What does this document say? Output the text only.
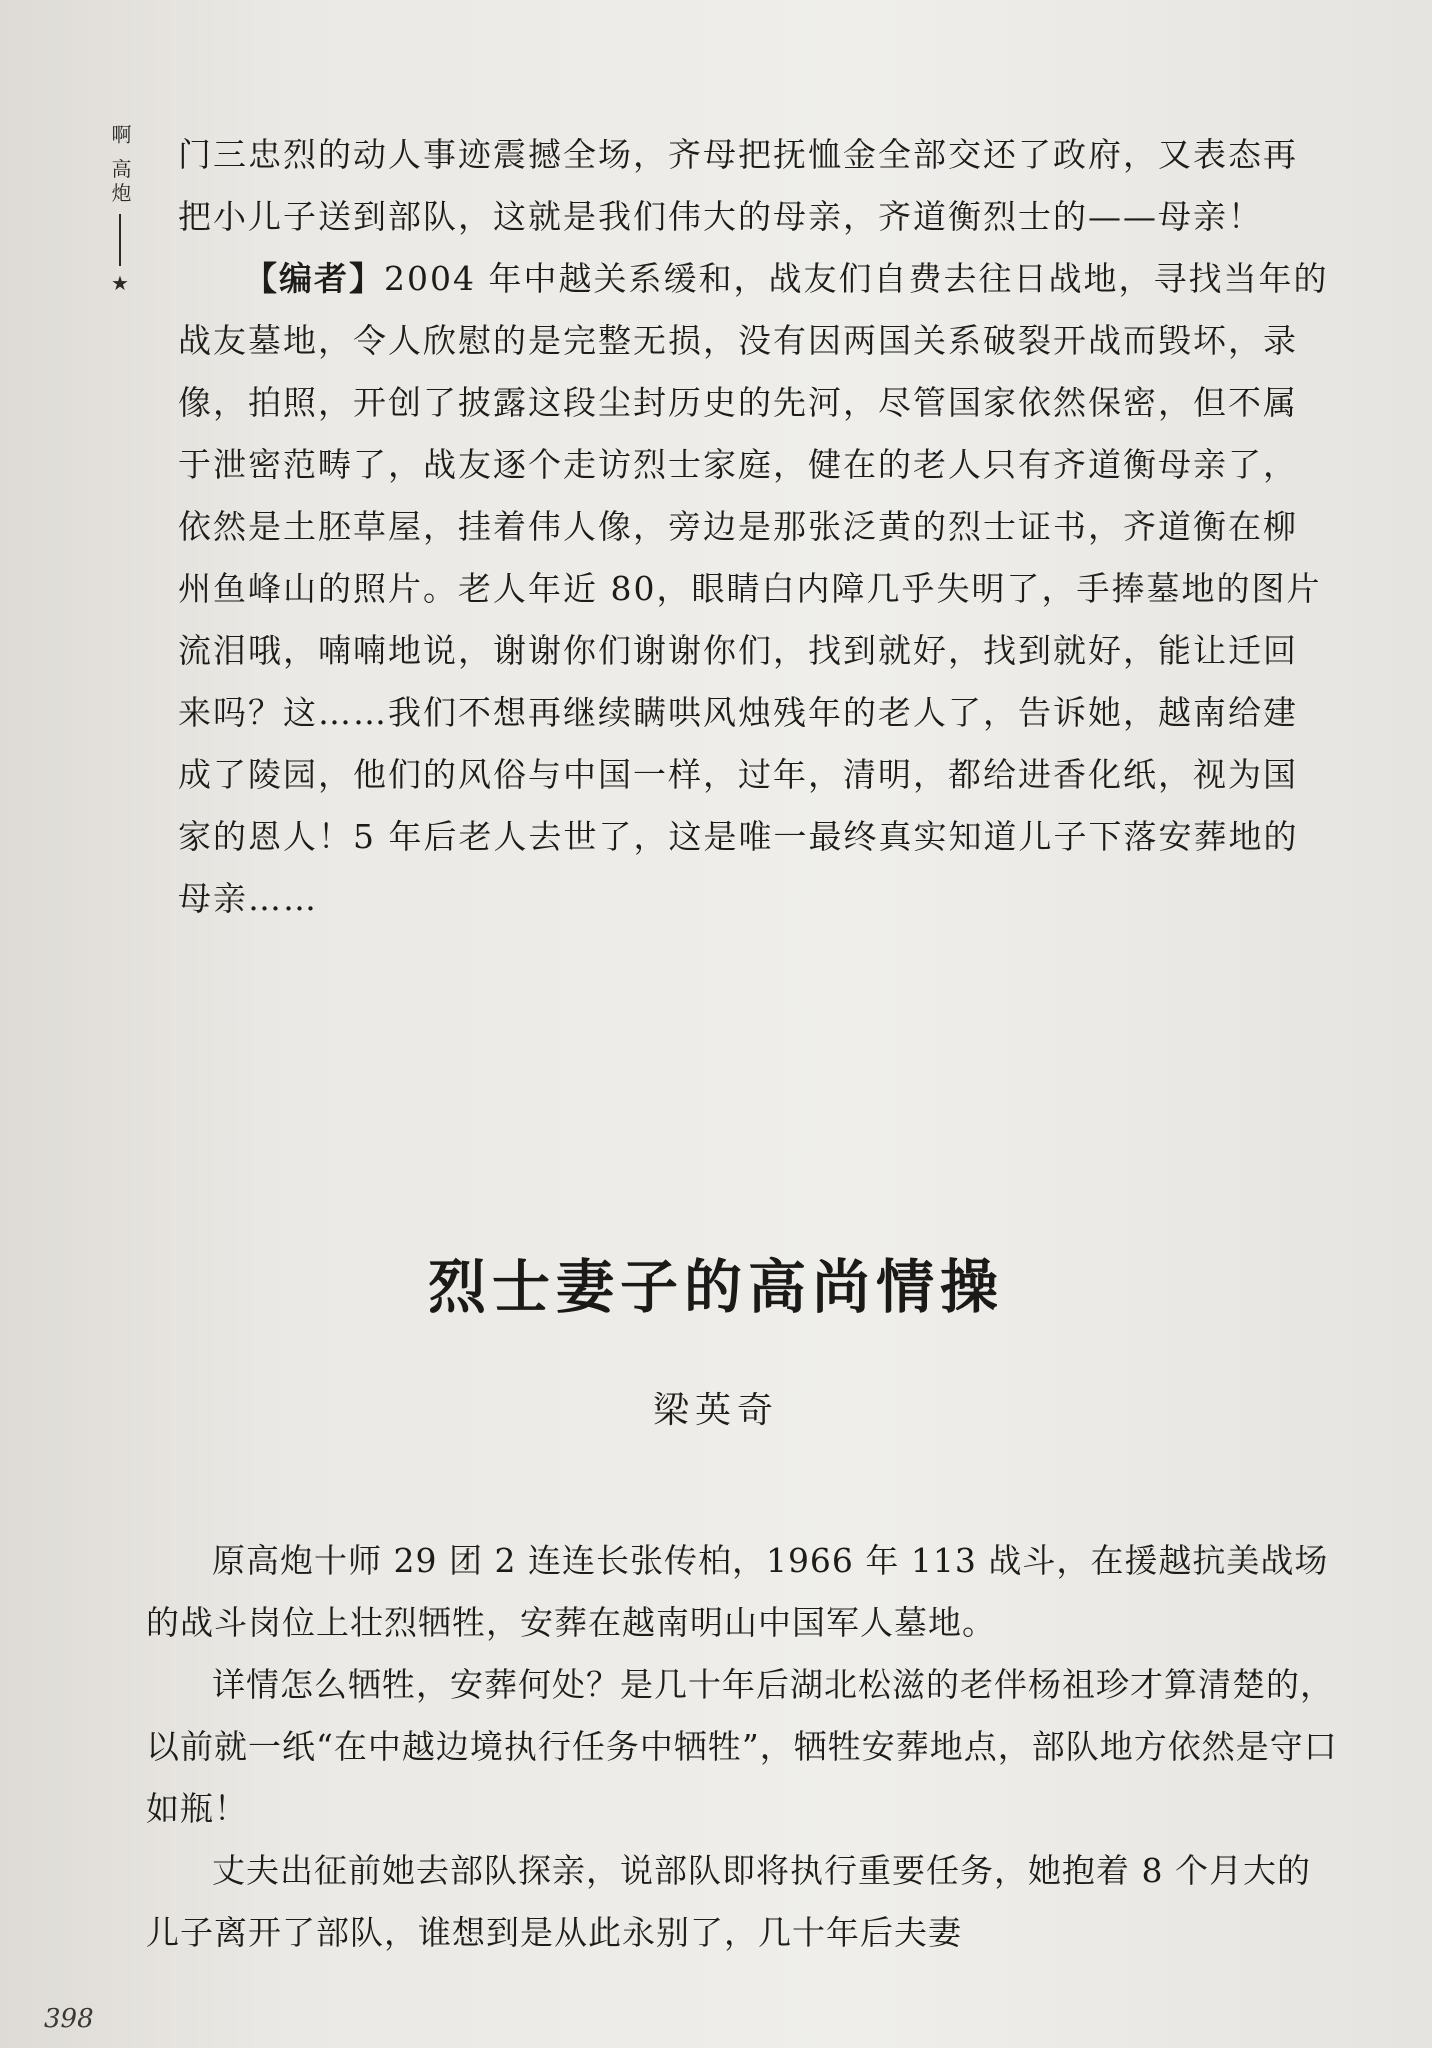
啊 高炮
★

门三忠烈的动人事迹震撼全场，齐母把抚恤金全部交还了政府，又表态再把小儿子送到部队，这就是我们伟大的母亲，齐道衡烈士的——母亲！

【编者】2004 年中越关系缓和，战友们自费去往日战地，寻找当年的战友墓地，令人欣慰的是完整无损，没有因两国关系破裂开战而毁坏，录像，拍照，开创了披露这段尘封历史的先河，尽管国家依然保密，但不属于泄密范畴了，战友逐个走访烈士家庭，健在的老人只有齐道衡母亲了，依然是土胚草屋，挂着伟人像，旁边是那张泛黄的烈士证书，齐道衡在柳州鱼峰山的照片。老人年近 80，眼睛白内障几乎失明了，手捧墓地的图片流泪哦，喃喃地说，谢谢你们谢谢你们，找到就好，找到就好，能让迁回来吗？这……我们不想再继续瞒哄风烛残年的老人了，告诉她，越南给建成了陵园，他们的风俗与中国一样，过年，清明，都给进香化纸，视为国家的恩人！5 年后老人去世了，这是唯一最终真实知道儿子下落安葬地的母亲……

烈士妻子的高尚情操
梁英奇

原高炮十师 29 团 2 连连长张传柏，1966 年 113 战斗，在援越抗美战场的战斗岗位上壮烈牺牲，安葬在越南明山中国军人墓地。

详情怎么牺牲，安葬何处？是几十年后湖北松滋的老伴杨祖珍才算清楚的，以前就一纸“在中越边境执行任务中牺牲”，牺牲安葬地点，部队地方依然是守口如瓶！

丈夫出征前她去部队探亲，说部队即将执行重要任务，她抱着 8 个月大的儿子离开了部队，谁想到是从此永别了，几十年后夫妻

398
